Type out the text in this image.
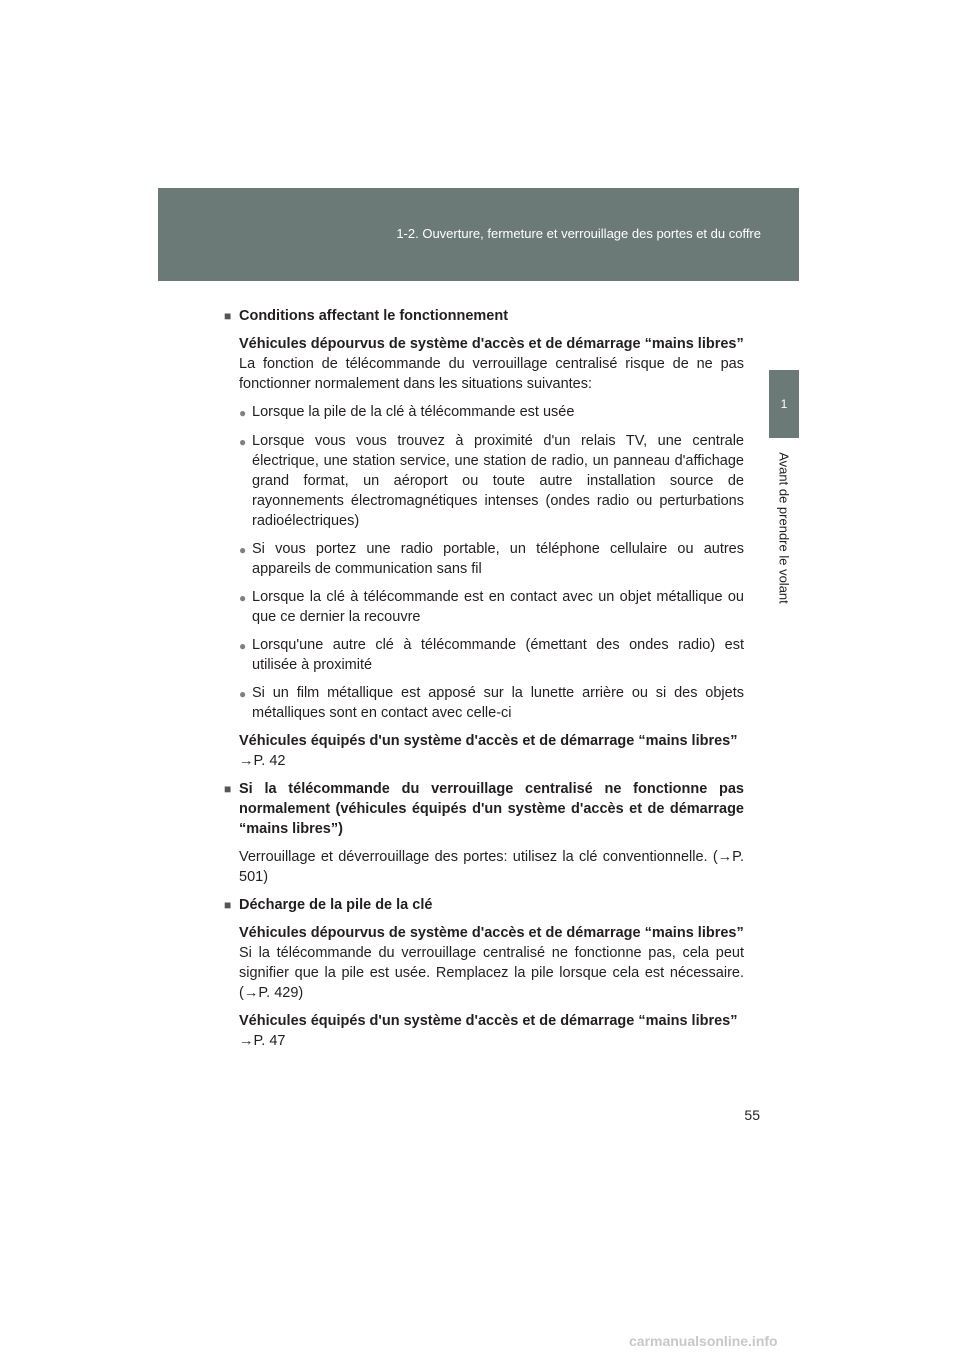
1-2. Ouverture, fermeture et verrouillage des portes et du coffre
1
Avant de prendre le volant
■ Conditions affectant le fonctionnement
Véhicules dépourvus de système d'accès et de démarrage “mains libres”
La fonction de télécommande du verrouillage centralisé risque de ne pas fonctionner normalement dans les situations suivantes:
● Lorsque la pile de la clé à télécommande est usée
● Lorsque vous vous trouvez à proximité d'un relais TV, une centrale électrique, une station service, une station de radio, un panneau d'affichage grand format, un aéroport ou toute autre installation source de rayonnements électromagnétiques intenses (ondes radio ou perturbations radioélectriques)
● Si vous portez une radio portable, un téléphone cellulaire ou autres appareils de communication sans fil
● Lorsque la clé à télécommande est en contact avec un objet métallique ou que ce dernier la recouvre
● Lorsqu'une autre clé à télécommande (émettant des ondes radio) est utilisée à proximité
● Si un film métallique est apposé sur la lunette arrière ou si des objets métalliques sont en contact avec celle-ci
Véhicules équipés d'un système d'accès et de démarrage “mains libres”
→P. 42
■ Si la télécommande du verrouillage centralisé ne fonctionne pas normalement (véhicules équipés d'un système d'accès et de démarrage “mains libres”)
Verrouillage et déverrouillage des portes: utilisez la clé conventionnelle. (→P. 501)
■ Décharge de la pile de la clé
Véhicules dépourvus de système d'accès et de démarrage “mains libres”
Si la télécommande du verrouillage centralisé ne fonctionne pas, cela peut signifier que la pile est usée. Remplacez la pile lorsque cela est nécessaire. (→P. 429)
Véhicules équipés d'un système d'accès et de démarrage “mains libres”
→P. 47
55
carmanualsonline.info
